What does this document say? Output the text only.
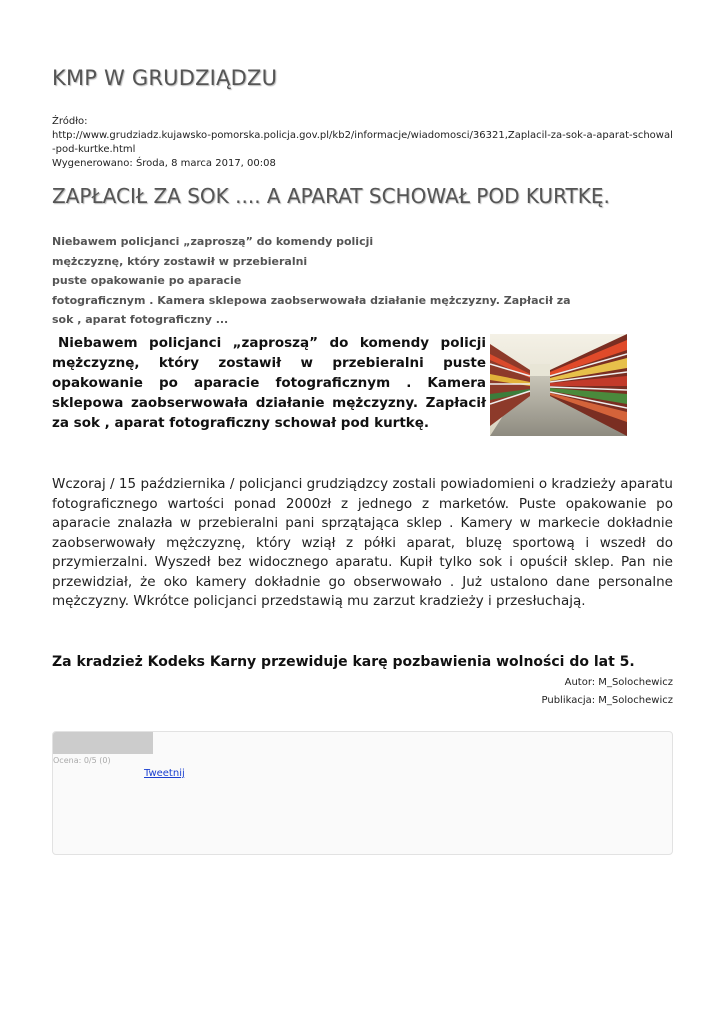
KMP W GRUDZIĄDZU
Źródło:
http://www.grudziadz.kujawsko-pomorska.policja.gov.pl/kb2/informacje/wiadomosci/36321,Zaplacil-za-sok-a-aparat-schowal-pod-kurtke.html
Wygenerowano: Środa, 8 marca 2017, 00:08
ZAPŁACIŁ ZA SOK .... A APARAT SCHOWAŁ POD KURTKĘ.
Niebawem policjanci „zaproszą” do komendy policji
mężczyznę, który zostawił w przebieralni
puste opakowanie po aparacie
fotograficznym . Kamera sklepowa zaobserwowała działanie mężczyzny. Zapłacił za
sok , aparat fotograficzny ...
Niebawem policjanci „zaproszą” do komendy policji mężczyznę, który zostawił w przebieralni puste opakowanie po aparacie fotograficznym . Kamera sklepowa zaobserwowała działanie mężczyzny. Zapłacił za sok , aparat fotograficzny schował pod kurtkę.
Wczoraj / 15 października / policjanci grudziądzcy zostali powiadomieni o kradzieży aparatu fotograficznego wartości ponad 2000zł z jednego z marketów. Puste opakowanie po aparacie znalazła w przebieralni pani sprzątająca sklep . Kamery w markecie dokładnie zaobserwowały mężczyznę, który wziął z półki aparat, bluzę sportową i wszedł do przymierzalni. Wyszedł bez widocznego aparatu. Kupił tylko sok i opuścił sklep. Pan nie przewidział, że oko kamery dokładnie go obserwowało . Już ustalono dane personalne mężczyzny. Wkrótce policjanci przedstawią mu zarzut kradzieży i przesłuchają.
Za kradzież Kodeks Karny przewiduje karę pozbawienia wolności do lat 5.
Autor: M_Solochewicz
Publikacja: M_Solochewicz
Ocena: 0/5 (0)
Tweetnij
